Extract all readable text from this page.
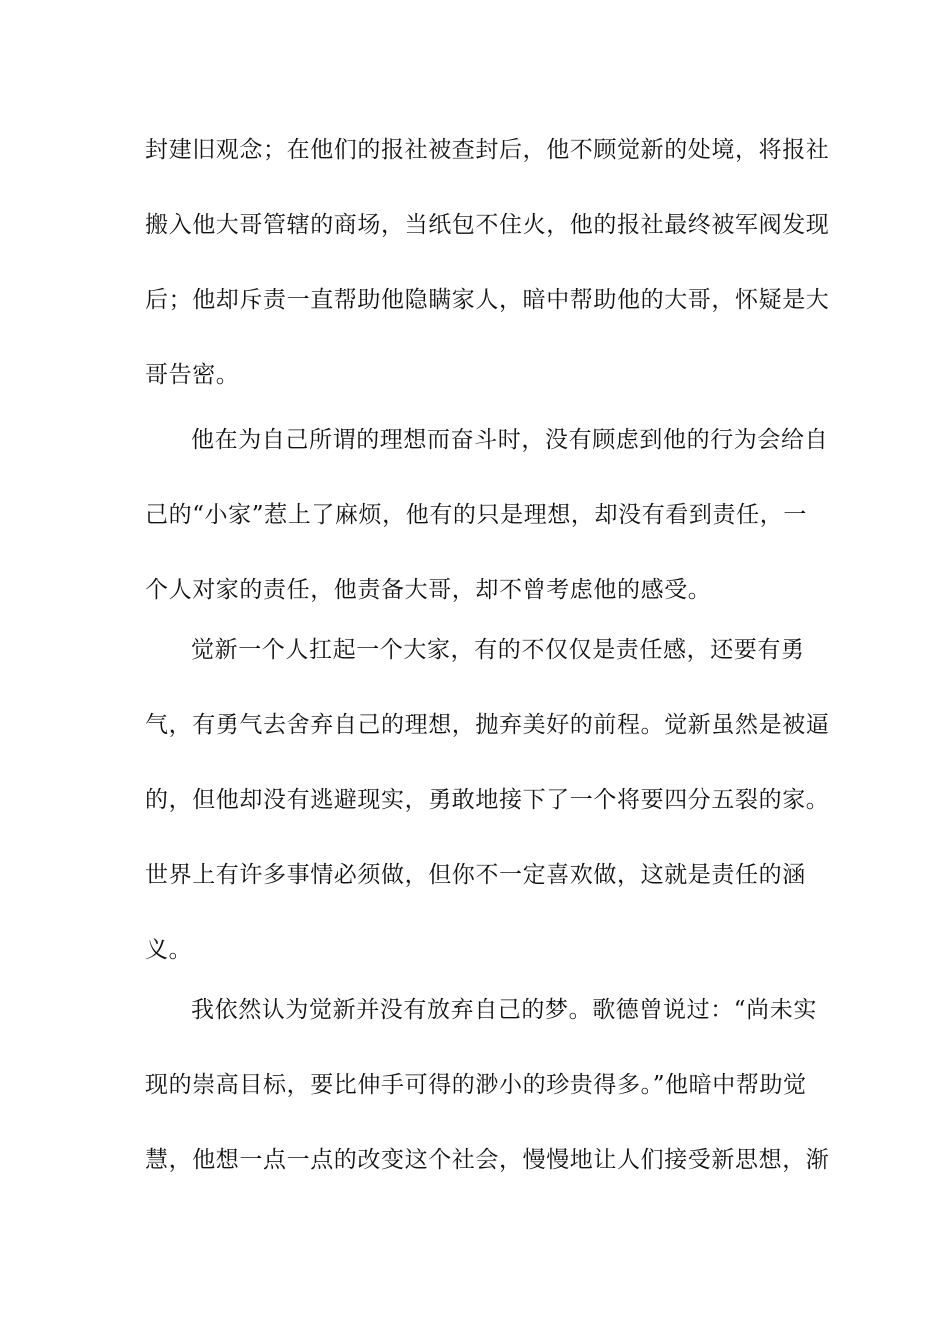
封建旧观念；在他们的报社被查封后，他不顾觉新的处境，将报社
搬入他大哥管辖的商场，当纸包不住火，他的报社最终被军阀发现
后；他却斥责一直帮助他隐瞒家人，暗中帮助他的大哥，怀疑是大
哥告密。
他在为自己所谓的理想而奋斗时，没有顾虑到他的行为会给自
己的“小家”惹上了麻烦，他有的只是理想，却没有看到责任，一
个人对家的责任，他责备大哥，却不曾考虑他的感受。
觉新一个人扛起一个大家，有的不仅仅是责任感，还要有勇
气，有勇气去舍弃自己的理想，抛弃美好的前程。觉新虽然是被逼
的，但他却没有逃避现实，勇敢地接下了一个将要四分五裂的家。
世界上有许多事情必须做，但你不一定喜欢做，这就是责任的涵
义。
我依然认为觉新并没有放弃自己的梦。歌德曾说过：“尚未实
现的崇高目标，要比伸手可得的渺小的珍贵得多。”他暗中帮助觉
慧，他想一点一点的改变这个社会，慢慢地让人们接受新思想，渐
